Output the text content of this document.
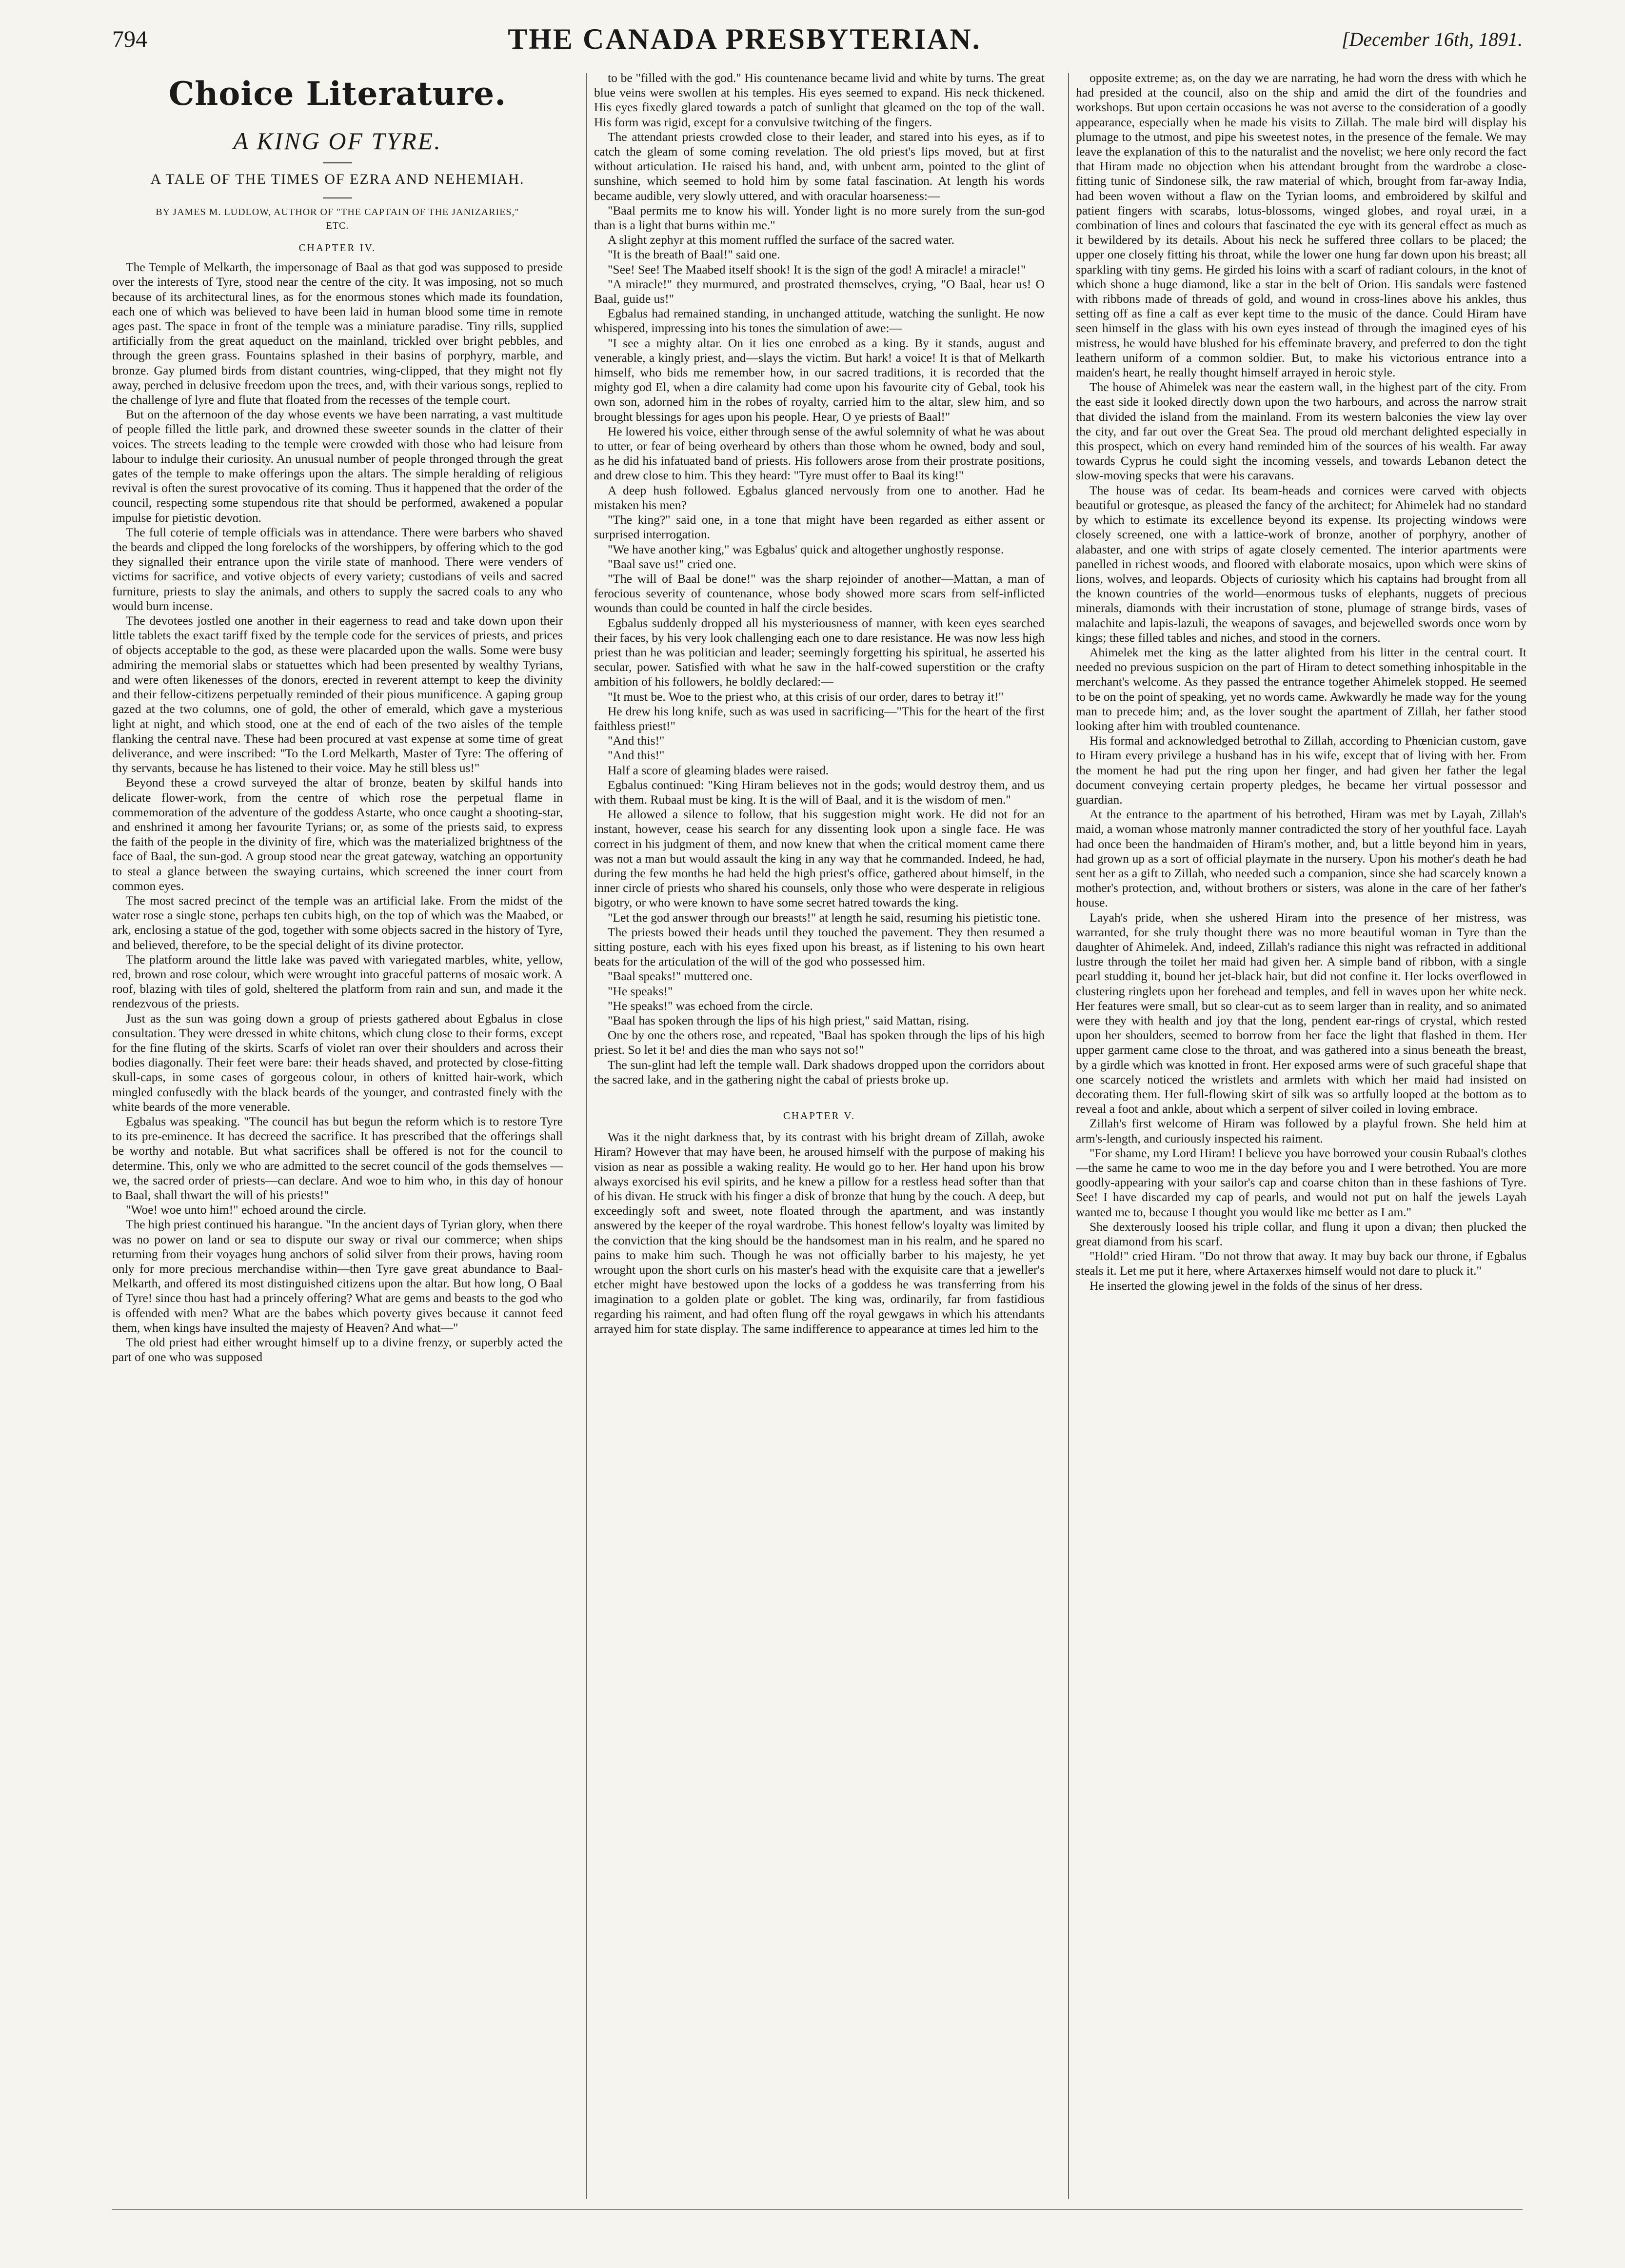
794	THE CANADA PRESBYTERIAN.	[December 16th, 1891.
Choice Literature.
A KING OF TYRE.
A TALE OF THE TIMES OF EZRA AND NEHEMIAH.
BY JAMES M. LUDLOW, AUTHOR OF "THE CAPTAIN OF THE JANIZARIES," ETC.
CHAPTER IV.

The Temple of Melkarth, the impersonage of Baal as that god was supposed to preside over the interests of Tyre, stood near the centre of the city. It was imposing, not so much because of its architectural lines, as for the enormous stones which made its foundation, each one of which was believed to have been laid in human blood some time in remote ages past. The space in front of the temple was a miniature paradise. Tiny rills, supplied artificially from the great aqueduct on the mainland, trickled over bright pebbles, and through the green grass. Fountains splashed in their basins of porphyry, marble, and bronze. Gay plumed birds from distant countries, wing-clipped, that they might not fly away, perched in delusive freedom upon the trees, and, with their various songs, replied to the challenge of lyre and flute that floated from the recesses of the temple court.

But on the afternoon of the day whose events we have been narrating, a vast multitude of people filled the little park, and drowned these sweeter sounds in the clatter of their voices. The streets leading to the temple were crowded with those who had leisure from labour to indulge their curiosity. An unusual number of people thronged through the great gates of the temple to make offerings upon the altars. The simple heralding of religious revival is often the surest provocative of its coming. Thus it happened that the order of the council, respecting some stupendous rite that should be performed, awakened a popular impulse for pietistic devotion.

The full coterie of temple officials was in attendance. There were barbers who shaved the beards and clipped the long forelocks of the worshippers, by offering which to the god they signalled their entrance upon the virile state of manhood. There were venders of victims for sacrifice, and votive objects of every variety; custodians of veils and sacred furniture, priests to slay the animals, and others to supply the sacred coals to any who would burn incense.

The devotees jostled one another in their eagerness to read and take down upon their little tablets the exact tariff fixed by the temple code for the services of priests, and prices of objects acceptable to the god, as these were placarded upon the walls. Some were busy admiring the memorial slabs or statuettes which had been presented by wealthy Tyrians, and were often likenesses of the donors, erected in reverent attempt to keep the divinity and their fellow-citizens perpetually reminded of their pious munificence. A gaping group gazed at the two columns, one of gold, the other of emerald, which gave a mysterious light at night, and which stood, one at the end of each of the two aisles of the temple flanking the central nave. These had been procured at vast expense at some time of great deliverance, and were inscribed: "To the Lord Melkarth, Master of Tyre: The offering of thy servants, because he has listened to their voice. May he still bless us!"

Beyond these a crowd surveyed the altar of bronze, beaten by skilful hands into delicate flower-work, from the centre of which rose the perpetual flame in commemoration of the adventure of the goddess Astarte, who once caught a shooting-star, and enshrined it among her favourite Tyrians; or, as some of the priests said, to express the faith of the people in the divinity of fire, which was the materialized brightness of the face of Baal, the sun-god. A group stood near the great gateway, watching an opportunity to steal a glance between the swaying curtains, which screened the inner court from common eyes.

The most sacred precinct of the temple was an artificial lake. From the midst of the water rose a single stone, perhaps ten cubits high, on the top of which was the Maabed, or ark, enclosing a statue of the god, together with some objects sacred in the history of Tyre, and believed, therefore, to be the special delight of its divine protector.

The platform around the little lake was paved with variegated marbles, white, yellow, red, brown and rose colour, which were wrought into graceful patterns of mosaic work. A roof, blazing with tiles of gold, sheltered the platform from rain and sun, and made it the rendezvous of the priests.

Just as the sun was going down a group of priests gathered about Egbalus in close consultation. They were dressed in white chitons, which clung close to their forms, except for the fine fluting of the skirts. Scarfs of violet ran over their shoulders and across their bodies diagonally. Their feet were bare: their heads shaved, and protected by close-fitting skull-caps, in some cases of gorgeous colour, in others of knitted hair-work, which mingled confusedly with the black beards of the younger, and contrasted finely with the white beards of the more venerable.

Egbalus was speaking. "The council has but begun the reform which is to restore Tyre to its pre-eminence. It has decreed the sacrifice. It has prescribed that the offerings shall be worthy and notable. But what sacrifices shall be offered is not for the council to determine. This, only we who are admitted to the secret council of the gods themselves —we, the sacred order of priests—can declare. And woe to him who, in this day of honour to Baal, shall thwart the will of his priests!"

"Woe! woe unto him!" echoed around the circle.

The high priest continued his harangue. "In the ancient days of Tyrian glory, when there was no power on land or sea to dispute our sway or rival our commerce; when ships returning from their voyages hung anchors of solid silver from their prows, having room only for more precious merchandise within—then Tyre gave great abundance to Baal-Melkarth, and offered its most distinguished citizens upon the altar. But how long, O Baal of Tyre! since thou hast had a princely offering? What are gems and beasts to the god who is offended with men? What are the babes which poverty gives because it cannot feed them, when kings have insulted the majesty of Heaven? And what—"

The old priest had either wrought himself up to a divine frenzy, or superbly acted the part of one who was supposed

to be "filled with the god." His countenance became livid and white by turns. The great blue veins were swollen at his temples. His eyes seemed to expand. His neck thickened. His eyes fixedly glared towards a patch of sunlight that gleamed on the top of the wall. His form was rigid, except for a convulsive twitching of the fingers.

The attendant priests crowded close to their leader, and stared into his eyes, as if to catch the gleam of some coming revelation. The old priest's lips moved, but at first without articulation. He raised his hand, and, with unbent arm, pointed to the glint of sunshine, which seemed to hold him by some fatal fascination. At length his words became audible, very slowly uttered, and with oracular hoarseness:—

"Baal permits me to know his will. Yonder light is no more surely from the sun-god than is a light that burns within me."

A slight zephyr at this moment ruffled the surface of the sacred water.

"It is the breath of Baal!" said one.

"See! See! The Maabed itself shook! It is the sign of the god! A miracle! a miracle!"

"A miracle!" they murmured, and prostrated themselves, crying, "O Baal, hear us! O Baal, guide us!"

Egbalus had remained standing, in unchanged attitude, watching the sunlight. He now whispered, impressing into his tones the simulation of awe:—

"I see a mighty altar. On it lies one enrobed as a king. By it stands, august and venerable, a kingly priest, and—slays the victim. But hark! a voice! It is that of Melkarth himself, who bids me remember how, in our sacred traditions, it is recorded that the mighty god El, when a dire calamity had come upon his favourite city of Gebal, took his own son, adorned him in the robes of royalty, carried him to the altar, slew him, and so brought blessings for ages upon his people. Hear, O ye priests of Baal!"

He lowered his voice, either through sense of the awful solemnity of what he was about to utter, or fear of being overheard by others than those whom he owned, body and soul, as he did his infatuated band of priests. His followers arose from their prostrate positions, and drew close to him. This they heard: "Tyre must offer to Baal its king!"

A deep hush followed. Egbalus glanced nervously from one to another. Had he mistaken his men?

"The king?" said one, in a tone that might have been regarded as either assent or surprised interrogation.

"We have another king," was Egbalus' quick and altogether unghostly response.

"Baal save us!" cried one.

"The will of Baal be done!" was the sharp rejoinder of another—Mattan, a man of ferocious severity of countenance, whose body showed more scars from self-inflicted wounds than could be counted in half the circle besides.

Egbalus suddenly dropped all his mysteriousness of manner, with keen eyes searched their faces, by his very look challenging each one to dare resistance. He was now less high priest than he was politician and leader; seemingly forgetting his spiritual, he asserted his secular, power. Satisfied with what he saw in the half-cowed superstition or the crafty ambition of his followers, he boldly declared:—

"It must be. Woe to the priest who, at this crisis of our order, dares to betray it!"

He drew his long knife, such as was used in sacrificing—"This for the heart of the first faithless priest!"

"And this!"

"And this!"

Half a score of gleaming blades were raised.

Egbalus continued: "King Hiram believes not in the gods; would destroy them, and us with them. Rubaal must be king. It is the will of Baal, and it is the wisdom of men."

He allowed a silence to follow, that his suggestion might work. He did not for an instant, however, cease his search for any dissenting look upon a single face. He was correct in his judgment of them, and now knew that when the critical moment came there was not a man but would assault the king in any way that he commanded. Indeed, he had, during the few months he had held the high priest's office, gathered about himself, in the inner circle of priests who shared his counsels, only those who were desperate in religious bigotry, or who were known to have some secret hatred towards the king.

"Let the god answer through our breasts!" at length he said, resuming his pietistic tone.

The priests bowed their heads until they touched the pavement. They then resumed a sitting posture, each with his eyes fixed upon his breast, as if listening to his own heart beats for the articulation of the will of the god who possessed him.

"Baal speaks!" muttered one.

"He speaks!"

"He speaks!" was echoed from the circle.

"Baal has spoken through the lips of his high priest," said Mattan, rising.

One by one the others rose, and repeated, "Baal has spoken through the lips of his high priest. So let it be! and dies the man who says not so!"

The sun-glint had left the temple wall. Dark shadows dropped upon the corridors about the sacred lake, and in the gathering night the cabal of priests broke up.

CHAPTER V.

Was it the night darkness that, by its contrast with his bright dream of Zillah, awoke Hiram? However that may have been, he aroused himself with the purpose of making his vision as near as possible a waking reality. He would go to her. Her hand upon his brow always exorcised his evil spirits, and he knew a pillow for a restless head softer than that of his divan. He struck with his finger a disk of bronze that hung by the couch. A deep, but exceedingly soft and sweet, note floated through the apartment, and was instantly answered by the keeper of the royal wardrobe. This honest fellow's loyalty was limited by the conviction that the king should be the handsomest man in his realm, and he spared no pains to make him such. Though he was not officially barber to his majesty, he yet wrought upon the short curls on his master's head with the exquisite care that a jeweller's etcher might have bestowed upon the locks of a goddess he was transferring from his imagination to a golden plate or goblet. The king was, ordinarily, far from fastidious regarding his raiment, and had often flung off the royal gewgaws in which his attendants arrayed him for state display. The same indifference to appearance at times led him to the

opposite extreme; as, on the day we are narrating, he had worn the dress with which he had presided at the council, also on the ship and amid the dirt of the foundries and workshops. But upon certain occasions he was not averse to the consideration of a goodly appearance, especially when he made his visits to Zillah. The male bird will display his plumage to the utmost, and pipe his sweetest notes, in the presence of the female. We may leave the explanation of this to the naturalist and the novelist; we here only record the fact that Hiram made no objection when his attendant brought from the wardrobe a close-fitting tunic of Sindonese silk, the raw material of which, brought from far-away India, had been woven without a flaw on the Tyrian looms, and embroidered by skilful and patient fingers with scarabs, lotus-blossoms, winged globes, and royal uræi, in a combination of lines and colours that fascinated the eye with its general effect as much as it bewildered by its details. About his neck he suffered three collars to be placed; the upper one closely fitting his throat, while the lower one hung far down upon his breast; all sparkling with tiny gems. He girded his loins with a scarf of radiant colours, in the knot of which shone a huge diamond, like a star in the belt of Orion. His sandals were fastened with ribbons made of threads of gold, and wound in cross-lines above his ankles, thus setting off as fine a calf as ever kept time to the music of the dance. Could Hiram have seen himself in the glass with his own eyes instead of through the imagined eyes of his mistress, he would have blushed for his effeminate bravery, and preferred to don the tight leathern uniform of a common soldier. But, to make his victorious entrance into a maiden's heart, he really thought himself arrayed in heroic style.

The house of Ahimelek was near the eastern wall, in the highest part of the city. From the east side it looked directly down upon the two harbours, and across the narrow strait that divided the island from the mainland. From its western balconies the view lay over the city, and far out over the Great Sea. The proud old merchant delighted especially in this prospect, which on every hand reminded him of the sources of his wealth. Far away towards Cyprus he could sight the incoming vessels, and towards Lebanon detect the slow-moving specks that were his caravans.

The house was of cedar. Its beam-heads and cornices were carved with objects beautiful or grotesque, as pleased the fancy of the architect; for Ahimelek had no standard by which to estimate its excellence beyond its expense. Its projecting windows were closely screened, one with a lattice-work of bronze, another of porphyry, another of alabaster, and one with strips of agate closely cemented. The interior apartments were panelled in richest woods, and floored with elaborate mosaics, upon which were skins of lions, wolves, and leopards. Objects of curiosity which his captains had brought from all the known countries of the world—enormous tusks of elephants, nuggets of precious minerals, diamonds with their incrustation of stone, plumage of strange birds, vases of malachite and lapis-lazuli, the weapons of savages, and bejewelled swords once worn by kings; these filled tables and niches, and stood in the corners.

Ahimelek met the king as the latter alighted from his litter in the central court. It needed no previous suspicion on the part of Hiram to detect something inhospitable in the merchant's welcome. As they passed the entrance together Ahimelek stopped. He seemed to be on the point of speaking, yet no words came. Awkwardly he made way for the young man to precede him; and, as the lover sought the apartment of Zillah, her father stood looking after him with troubled countenance.

His formal and acknowledged betrothal to Zillah, according to Phœnician custom, gave to Hiram every privilege a husband has in his wife, except that of living with her. From the moment he had put the ring upon her finger, and had given her father the legal document conveying certain property pledges, he became her virtual possessor and guardian.

At the entrance to the apartment of his betrothed, Hiram was met by Layah, Zillah's maid, a woman whose matronly manner contradicted the story of her youthful face. Layah had once been the handmaiden of Hiram's mother, and, but a little beyond him in years, had grown up as a sort of official playmate in the nursery. Upon his mother's death he had sent her as a gift to Zillah, who needed such a companion, since she had scarcely known a mother's protection, and, without brothers or sisters, was alone in the care of her father's house.

Layah's pride, when she ushered Hiram into the presence of her mistress, was warranted, for she truly thought there was no more beautiful woman in Tyre than the daughter of Ahimelek. And, indeed, Zillah's radiance this night was refracted in additional lustre through the toilet her maid had given her. A simple band of ribbon, with a single pearl studding it, bound her jet-black hair, but did not confine it. Her locks overflowed in clustering ringlets upon her forehead and temples, and fell in waves upon her white neck. Her features were small, but so clear-cut as to seem larger than in reality, and so animated were they with health and joy that the long, pendent ear-rings of crystal, which rested upon her shoulders, seemed to borrow from her face the light that flashed in them. Her upper garment came close to the throat, and was gathered into a sinus beneath the breast, by a girdle which was knotted in front. Her exposed arms were of such graceful shape that one scarcely noticed the wristlets and armlets with which her maid had insisted on decorating them. Her full-flowing skirt of silk was so artfully looped at the bottom as to reveal a foot and ankle, about which a serpent of silver coiled in loving embrace.

Zillah's first welcome of Hiram was followed by a playful frown. She held him at arm's-length, and curiously inspected his raiment.

"For shame, my Lord Hiram! I believe you have borrowed your cousin Rubaal's clothes—the same he came to woo me in the day before you and I were betrothed. You are more goodly-appearing with your sailor's cap and coarse chiton than in these fashions of Tyre. See! I have discarded my cap of pearls, and would not put on half the jewels Layah wanted me to, because I thought you would like me better as I am."

She dexterously loosed his triple collar, and flung it upon a divan; then plucked the great diamond from his scarf.

"Hold!" cried Hiram. "Do not throw that away. It may buy back our throne, if Egbalus steals it. Let me put it here, where Artaxerxes himself would not dare to pluck it."

He inserted the glowing jewel in the folds of the sinus of her dress.
